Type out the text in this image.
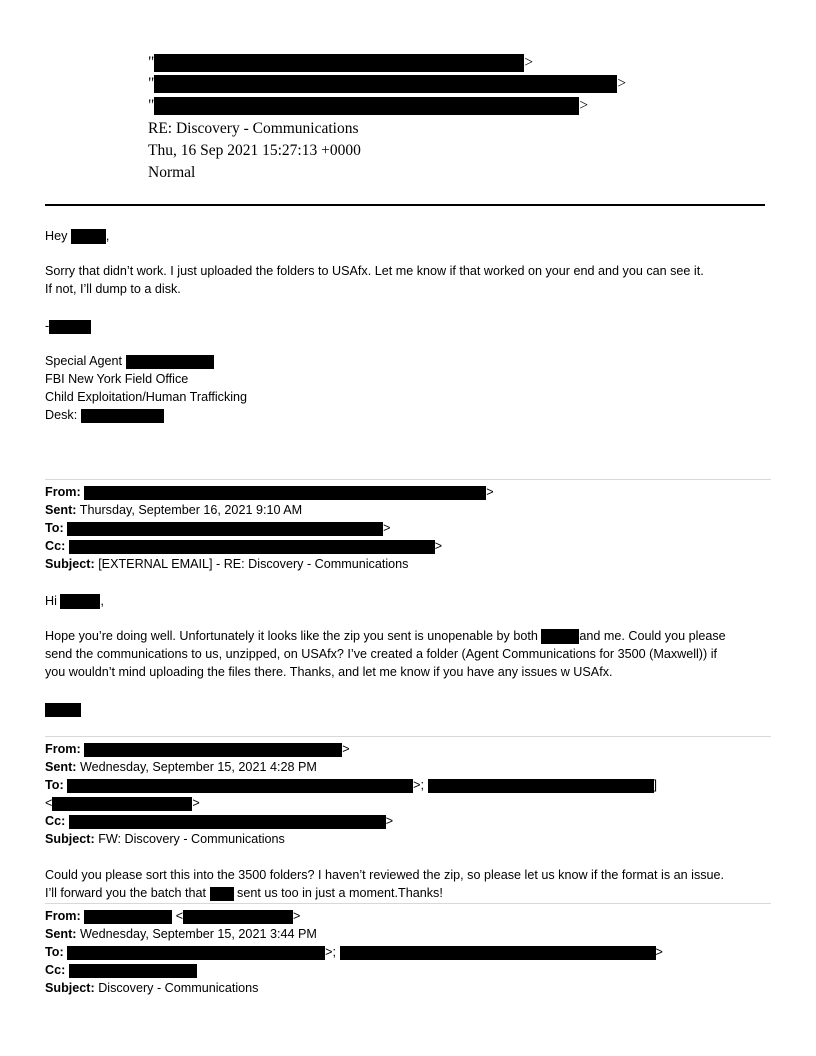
"	>
"	>
"	>
RE: Discovery - Communications
Thu, 16 Sep 2021 15:27:13 +0000
Normal
Hey	,
Sorry that didn’t work. I just uploaded the folders to USAfx. Let me know if that worked on your end and you can see it.
If not, I’ll dump to a disk.
-
Special Agent
FBI New York Field Office
Child Exploitation/Human Trafficking
Desk:
From:	>
Sent: Thursday, September 16, 2021 9:10 AM
To:	>
Cc:	>
Subject: [EXTERNAL EMAIL] - RE: Discovery - Communications
Hi	,
Hope you’re doing well. Unfortunately it looks like the zip you sent is unopenable by both	and me. Could you please
send the communications to us, unzipped, on USAfx? I’ve created a folder (Agent Communications for 3500 (Maxwell)) if
you wouldn’t mind uploading the files there. Thanks, and let me know if you have any issues w USAfx.
From:	>
Sent: Wednesday, September 15, 2021 4:28 PM
To:	>;	]
<	>
Cc:	>
Subject: FW: Discovery - Communications
Could you please sort this into the 3500 folders? I haven’t reviewed the zip, so please let us know if the format is an issue.
I’ll forward you the batch that sent us too in just a moment.Thanks!
From:	<	>
Sent: Wednesday, September 15, 2021 3:44 PM
To:	>;	>
Cc:
Subject: Discovery - Communications
